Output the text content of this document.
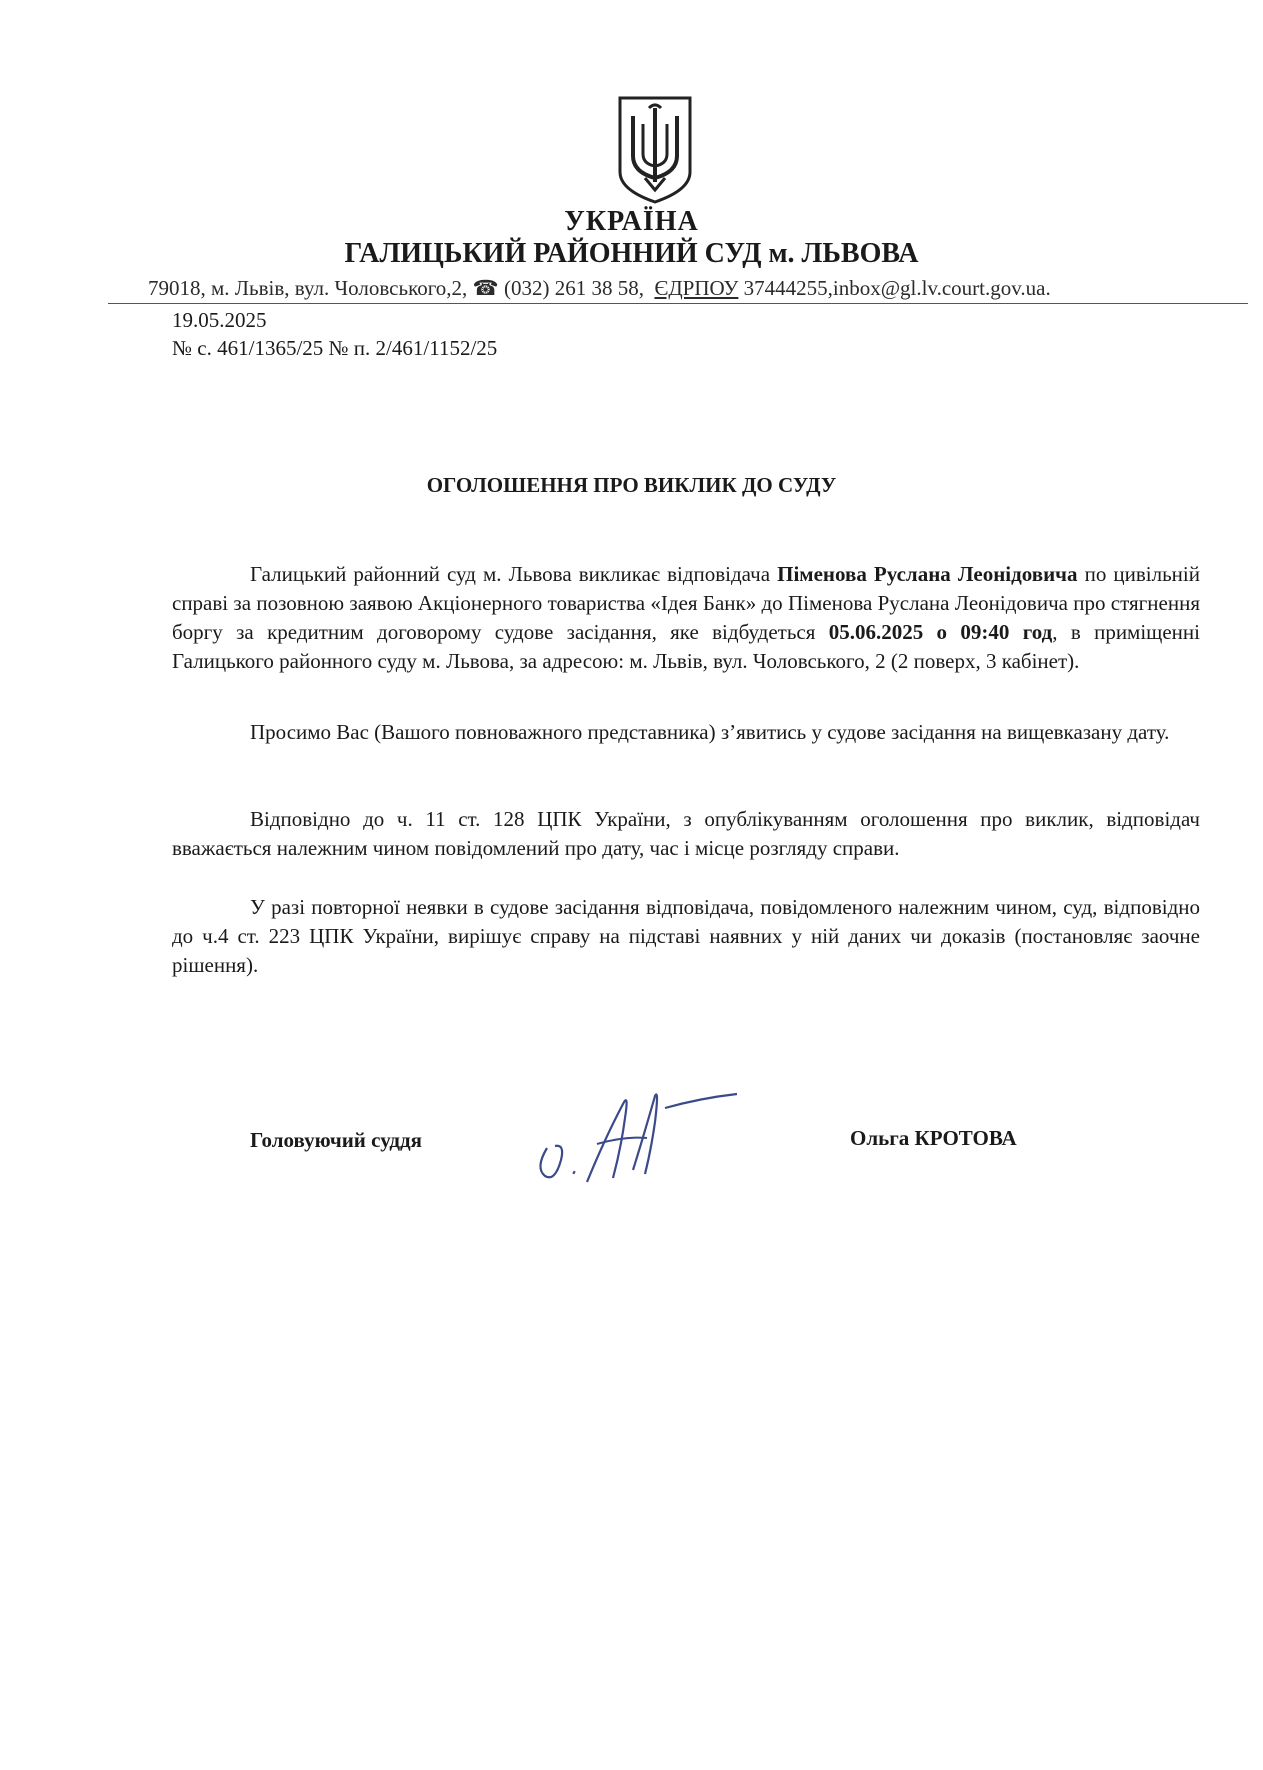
УКРАЇНА
ГАЛИЦЬКИЙ РАЙОННИЙ СУД м. ЛЬВОВА
79018, м. Львів, вул. Чоловського,2, ☎ (032) 261 38 58,  ЄДРПОУ 37444255,inbox@gl.lv.court.gov.ua.
19.05.2025
№ с. 461/1365/25 № п. 2/461/1152/25
ОГОЛОШЕННЯ ПРО ВИКЛИК ДО СУДУ

Галицький районний суд м. Львова викликає відповідача Піменова Руслана Леонідовича по цивільній справі за позовною заявою Акціонерного товариства «Ідея Банк» до Піменова Руслана Леонідовича про стягнення боргу за кредитним договорому судове засідання, яке відбудеться 05.06.2025 о 09:40 год, в приміщенні Галицького районного суду м. Львова, за адресою: м. Львів, вул. Чоловського, 2 (2 поверх, 3 кабінет).

Просимо Вас (Вашого повноважного представника) з’явитись у судове засідання на вищевказану дату.

Відповідно до ч. 11 ст. 128 ЦПК України, з опублікуванням оголошення про виклик, відповідач вважається належним чином повідомлений про дату, час і місце розгляду справи.

У разі повторної неявки в судове засідання відповідача, повідомленого належним чином, суд, відповідно до ч.4 ст. 223 ЦПК України, вирішує справу на підставі наявних у ній даних чи доказів (постановляє заочне рішення).

Головуючий суддя	Ольга КРОТОВА
